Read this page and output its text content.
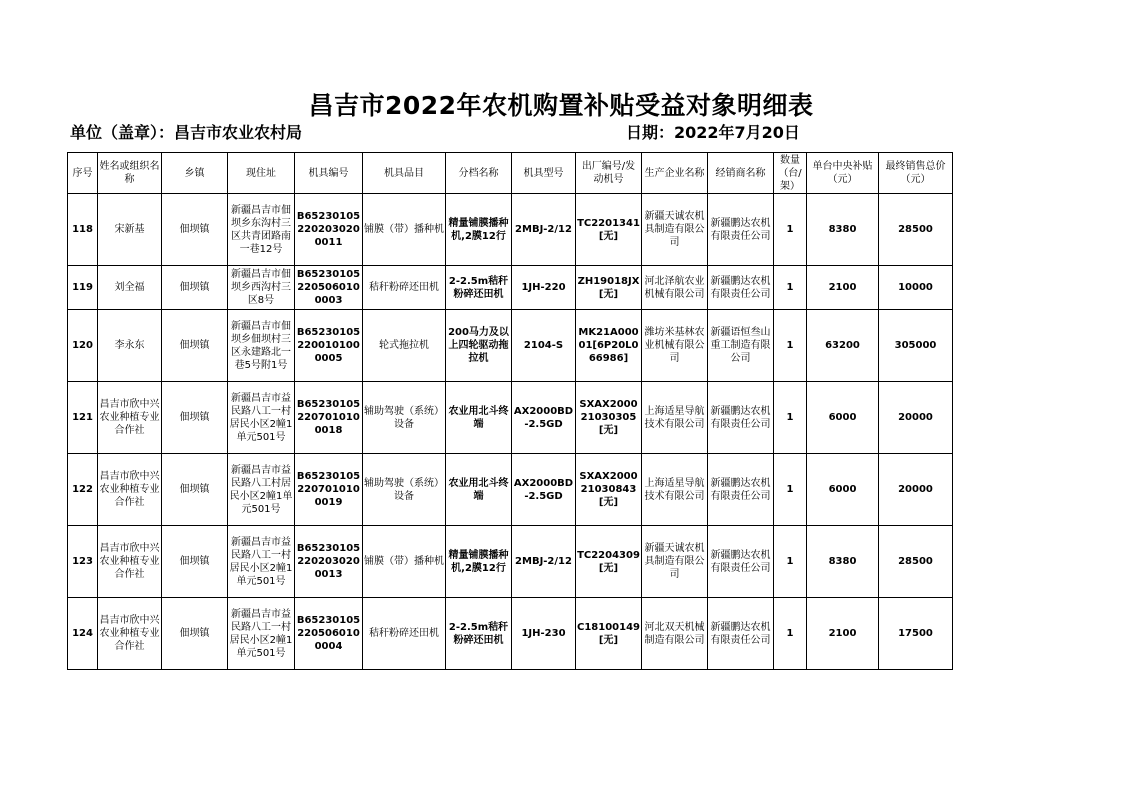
昌吉市2022年农机购置补贴受益对象明细表
单位（盖章）：昌吉市农业农村局	日期：2022年7月20日
序号	姓名或组织名称	乡镇	现住址	机具编号	机具品目	分档名称	机具型号	出厂编号/发动机号	生产企业名称	经销商名称	数量（台/架）	单台中央补贴（元）	最终销售总价（元）
118	宋新基	佃坝镇	新疆昌吉市佃坝乡东沟村三区共青团路南一巷12号	B652301052202030200011	铺膜（带）播种机	精量铺膜播种机,2膜12行	2MBJ-2/12	TC2201341[无]	新疆天诚农机具制造有限公司	新疆鹏达农机有限责任公司	1	8380	28500
119	刘全福	佃坝镇	新疆昌吉市佃坝乡西沟村三区8号	B652301052205060100003	秸秆粉碎还田机	2-2.5m秸秆粉碎还田机	1JH-220	ZH19018JX[无]	河北泽航农业机械有限公司	新疆鹏达农机有限责任公司	1	2100	10000
120	李永东	佃坝镇	新疆昌吉市佃坝乡佃坝村三区永建路北一巷5号附1号	B652301052200101000005	轮式拖拉机	200马力及以上四轮驱动拖拉机	2104-S	MK21A00001[6P20L066986]	潍坊米基林农业机械有限公司	新疆语恒叁山重工制造有限公司	1	63200	305000
121	昌吉市欣中兴农业种植专业合作社	佃坝镇	新疆昌吉市益民路八工一村居民小区2幢1单元501号	B652301052207010100018	辅助驾驶（系统）设备	农业用北斗终端	AX2000BD-2.5GD	SXAX200021030305[无]	上海适星导航技术有限公司	新疆鹏达农机有限责任公司	1	6000	20000
122	昌吉市欣中兴农业种植专业合作社	佃坝镇	新疆昌吉市益民路八工村居民小区2幢1单元501号	B652301052207010100019	辅助驾驶（系统）设备	农业用北斗终端	AX2000BD-2.5GD	SXAX200021030843[无]	上海适星导航技术有限公司	新疆鹏达农机有限责任公司	1	6000	20000
123	昌吉市欣中兴农业种植专业合作社	佃坝镇	新疆昌吉市益民路八工一村居民小区2幢1单元501号	B652301052202030200013	铺膜（带）播种机	精量铺膜播种机,2膜12行	2MBJ-2/12	TC2204309[无]	新疆天诚农机具制造有限公司	新疆鹏达农机有限责任公司	1	8380	28500
124	昌吉市欣中兴农业种植专业合作社	佃坝镇	新疆昌吉市益民路八工一村居民小区2幢1单元501号	B652301052205060100004	秸秆粉碎还田机	2-2.5m秸秆粉碎还田机	1JH-230	C18100149[无]	河北双天机械制造有限公司	新疆鹏达农机有限责任公司	1	2100	17500
